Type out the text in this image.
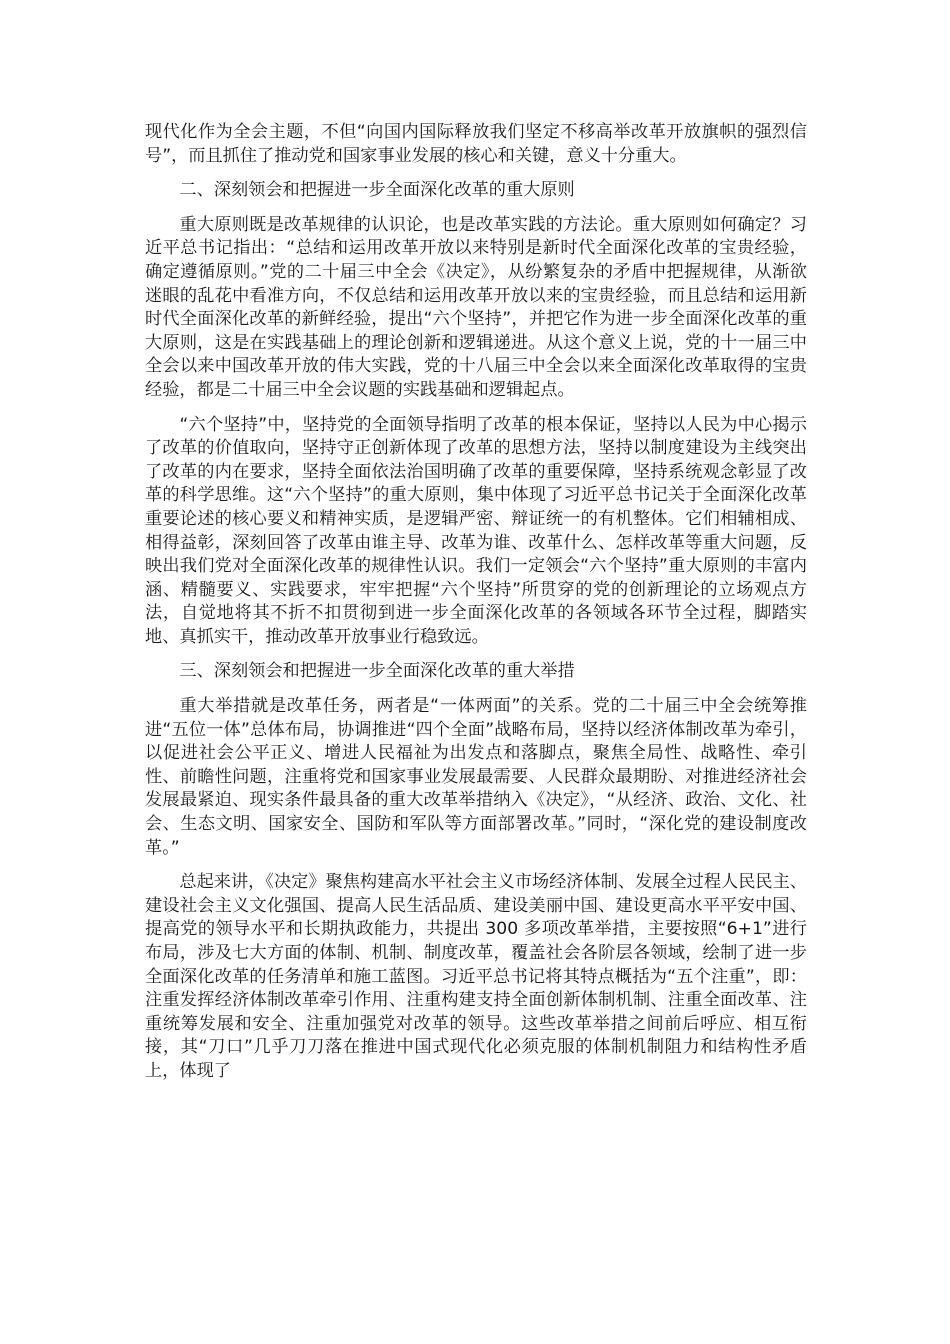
现代化作为全会主题，不但“向国内国际释放我们坚定不移高举改革开放旗帜的强烈信号”，而且抓住了推动党和国家事业发展的核心和关键，意义十分重大。

二、深刻领会和把握进一步全面深化改革的重大原则

重大原则既是改革规律的认识论，也是改革实践的方法论。重大原则如何确定？习近平总书记指出：“总结和运用改革开放以来特别是新时代全面深化改革的宝贵经验，确定遵循原则。”党的二十届三中全会《决定》，从纷繁复杂的矛盾中把握规律，从渐欲迷眼的乱花中看准方向，不仅总结和运用改革开放以来的宝贵经验，而且总结和运用新时代全面深化改革的新鲜经验，提出“六个坚持”，并把它作为进一步全面深化改革的重大原则，这是在实践基础上的理论创新和逻辑递进。从这个意义上说，党的十一届三中全会以来中国改革开放的伟大实践，党的十八届三中全会以来全面深化改革取得的宝贵经验，都是二十届三中全会议题的实践基础和逻辑起点。

“六个坚持”中，坚持党的全面领导指明了改革的根本保证，坚持以人民为中心揭示了改革的价值取向，坚持守正创新体现了改革的思想方法，坚持以制度建设为主线突出了改革的内在要求，坚持全面依法治国明确了改革的重要保障，坚持系统观念彰显了改革的科学思维。这“六个坚持”的重大原则，集中体现了习近平总书记关于全面深化改革重要论述的核心要义和精神实质，是逻辑严密、辩证统一的有机整体。它们相辅相成、相得益彰，深刻回答了改革由谁主导、改革为谁、改革什么、怎样改革等重大问题，反映出我们党对全面深化改革的规律性认识。我们一定领会“六个坚持”重大原则的丰富内涵、精髓要义、实践要求，牢牢把握“六个坚持”所贯穿的党的创新理论的立场观点方法，自觉地将其不折不扣贯彻到进一步全面深化改革的各领域各环节全过程，脚踏实地、真抓实干，推动改革开放事业行稳致远。

三、深刻领会和把握进一步全面深化改革的重大举措

重大举措就是改革任务，两者是“一体两面”的关系。党的二十届三中全会统筹推进“五位一体”总体布局，协调推进“四个全面”战略布局，坚持以经济体制改革为牵引，以促进社会公平正义、增进人民福祉为出发点和落脚点，聚焦全局性、战略性、牵引性、前瞻性问题，注重将党和国家事业发展最需要、人民群众最期盼、对推进经济社会发展最紧迫、现实条件最具备的重大改革举措纳入《决定》，“从经济、政治、文化、社会、生态文明、国家安全、国防和军队等方面部署改革。”同时，“深化党的建设制度改革。”

总起来讲，《决定》聚焦构建高水平社会主义市场经济体制、发展全过程人民民主、建设社会主义文化强国、提高人民生活品质、建设美丽中国、建设更高水平平安中国、提高党的领导水平和长期执政能力，共提出 300 多项改革举措，主要按照“6+1”进行布局，涉及七大方面的体制、机制、制度改革，覆盖社会各阶层各领域，绘制了进一步全面深化改革的任务清单和施工蓝图。习近平总书记将其特点概括为“五个注重”，即：注重发挥经济体制改革牵引作用、注重构建支持全面创新体制机制、注重全面改革、注重统筹发展和安全、注重加强党对改革的领导。这些改革举措之间前后呼应、相互衔接，其“刀口”几乎刀刀落在推进中国式现代化必须克服的体制机制阻力和结构性矛盾上，体现了
